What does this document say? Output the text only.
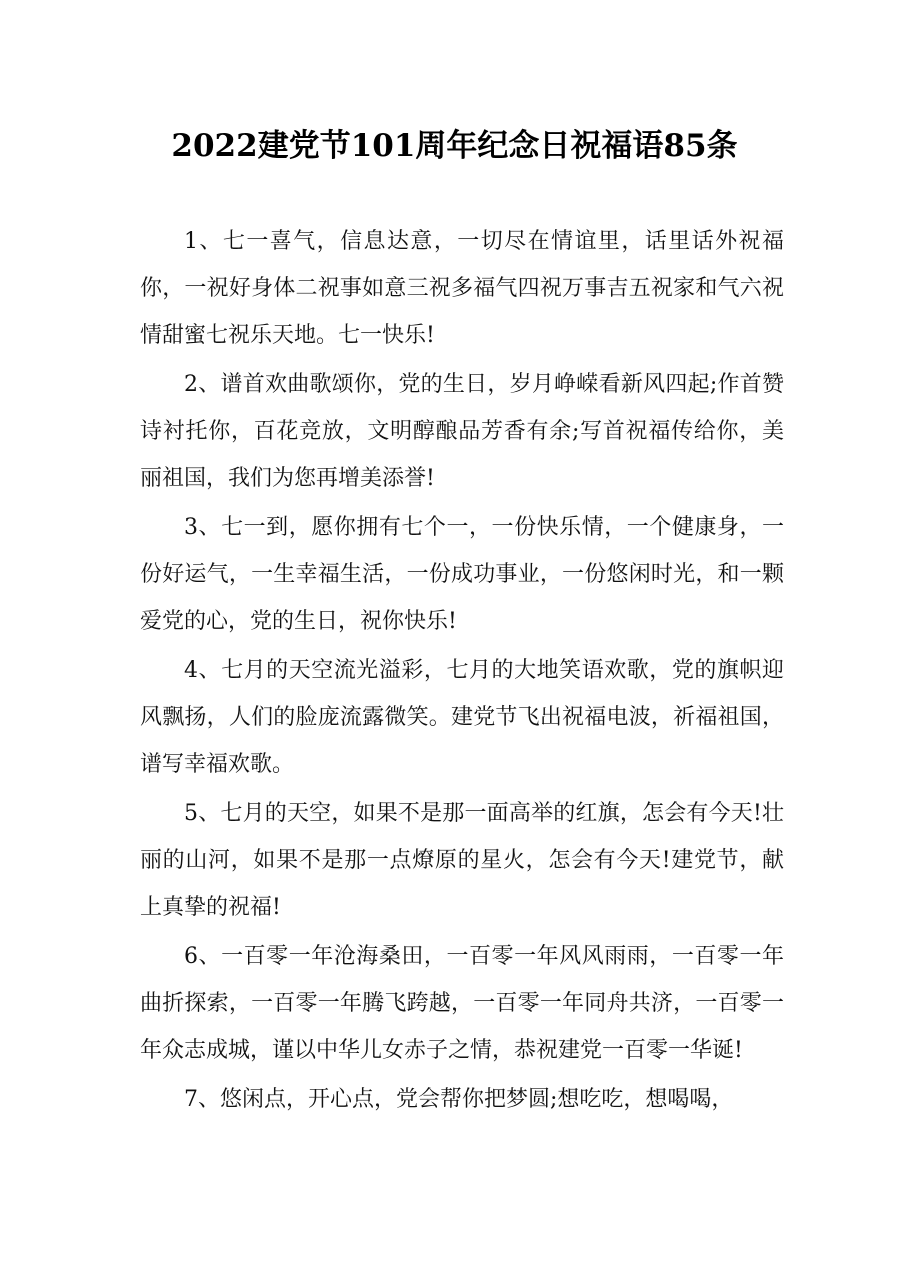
2022建党节101周年纪念日祝福语85条

1、七一喜气，信息达意，一切尽在情谊里，话里话外祝福你，一祝好身体二祝事如意三祝多福气四祝万事吉五祝家和气六祝情甜蜜七祝乐天地。七一快乐!

2、谱首欢曲歌颂你，党的生日，岁月峥嵘看新风四起;作首赞诗衬托你，百花竞放，文明醇酿品芳香有余;写首祝福传给你，美丽祖国，我们为您再增美添誉!

3、七一到，愿你拥有七个一，一份快乐情，一个健康身，一份好运气，一生幸福生活，一份成功事业，一份悠闲时光，和一颗爱党的心，党的生日，祝你快乐!

4、七月的天空流光溢彩，七月的大地笑语欢歌，党的旗帜迎风飘扬，人们的脸庞流露微笑。建党节飞出祝福电波，祈福祖国，谱写幸福欢歌。

5、七月的天空，如果不是那一面高举的红旗，怎会有今天!壮丽的山河，如果不是那一点燎原的星火，怎会有今天!建党节，献上真挚的祝福!

6、一百零一年沧海桑田，一百零一年风风雨雨，一百零一年曲折探索，一百零一年腾飞跨越，一百零一年同舟共济，一百零一年众志成城，谨以中华儿女赤子之情，恭祝建党一百零一华诞!

7、悠闲点，开心点，党会帮你把梦圆;想吃吃，想喝喝，
